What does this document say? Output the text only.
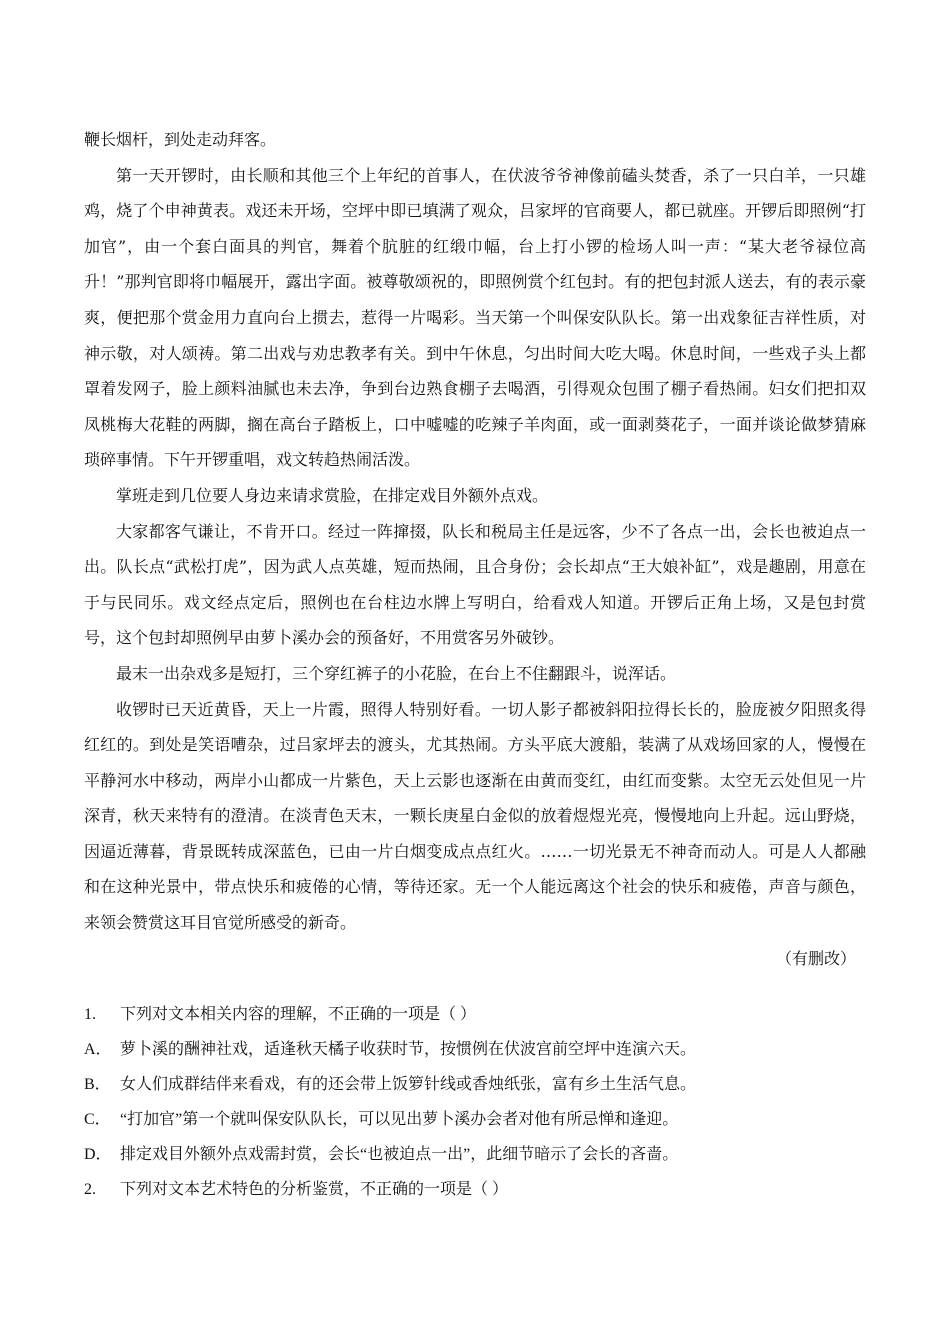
鞭长烟杆，到处走动拜客。

第一天开锣时，由长顺和其他三个上年纪的首事人，在伏波爷爷神像前磕头焚香，杀了一只白羊，一只雄鸡，烧了个申神黄表。戏还未开场，空坪中即已填满了观众，吕家坪的官商要人，都已就座。开锣后即照例“打加官”，由一个套白面具的判官，舞着个肮脏的红缎巾幅，台上打小锣的检场人叫一声：“某大老爷禄位高升！”那判官即将巾幅展开，露出字面。被尊敬颂祝的，即照例赏个红包封。有的把包封派人送去，有的表示豪爽，便把那个赏金用力直向台上掼去，惹得一片喝彩。当天第一个叫保安队队长。第一出戏象征吉祥性质，对神示敬，对人颂祷。第二出戏与劝忠教孝有关。到中午休息，匀出时间大吃大喝。休息时间，一些戏子头上都罩着发网子，脸上颜料油腻也未去净，争到台边熟食棚子去喝酒，引得观众包围了棚子看热闹。妇女们把扣双凤桃梅大花鞋的两脚，搁在高台子踏板上，口中嘘嘘的吃辣子羊肉面，或一面剥葵花子，一面并谈论做梦猜麻琐碎事情。下午开锣重唱，戏文转趋热闹活泼。

掌班走到几位要人身边来请求赏脸，在排定戏目外额外点戏。

大家都客气谦让，不肯开口。经过一阵撺掇，队长和税局主任是远客，少不了各点一出，会长也被迫点一出。队长点“武松打虎”，因为武人点英雄，短而热闹，且合身份；会长却点“王大娘补缸”，戏是趣剧，用意在于与民同乐。戏文经点定后，照例也在台柱边水牌上写明白，给看戏人知道。开锣后正角上场，又是包封赏号，这个包封却照例早由萝卜溪办会的预备好，不用赏客另外破钞。

最末一出杂戏多是短打，三个穿红裤子的小花脸，在台上不住翻跟斗，说浑话。

收锣时已天近黄昏，天上一片霞，照得人特别好看。一切人影子都被斜阳拉得长长的，脸庞被夕阳照炙得红红的。到处是笑语嘈杂，过吕家坪去的渡头，尤其热闹。方头平底大渡船，装满了从戏场回家的人，慢慢在平静河水中移动，两岸小山都成一片紫色，天上云影也逐渐在由黄而变红，由红而变紫。太空无云处但见一片深青，秋天来特有的澄清。在淡青色天末，一颗长庚星白金似的放着煜煜光亮，慢慢地向上升起。远山野烧，因逼近薄暮，背景既转成深蓝色，已由一片白烟变成点点红火。……一切光景无不神奇而动人。可是人人都融和在这种光景中，带点快乐和疲倦的心情，等待还家。无一个人能远离这个社会的快乐和疲倦，声音与颜色，来领会赞赏这耳目官觉所感受的新奇。

（有删改）

1. 下列对文本相关内容的理解，不正确的一项是（ ）

A． 萝卜溪的酬神社戏，适逢秋天橘子收获时节，按惯例在伏波宫前空坪中连演六天。

B． 女人们成群结伴来看戏，有的还会带上饭箩针线或香烛纸张，富有乡土生活气息。

C． “打加官”第一个就叫保安队队长，可以见出萝卜溪办会者对他有所忌惮和逢迎。

D． 排定戏目外额外点戏需封赏，会长“也被迫点一出”，此细节暗示了会长的吝啬。

2. 下列对文本艺术特色的分析鉴赏，不正确的一项是（ ）
